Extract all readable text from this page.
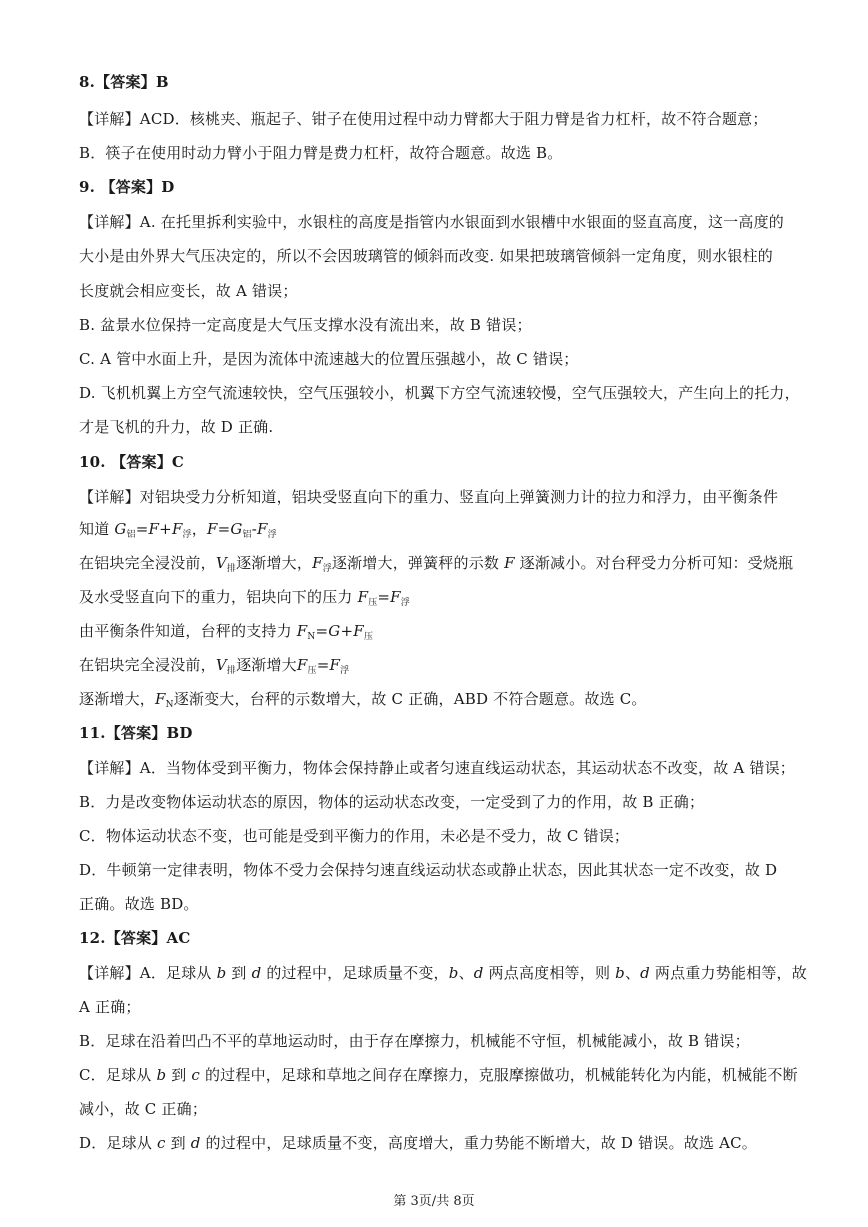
8.【答案】B
【详解】ACD．核桃夹、瓶起子、钳子在使用过程中动力臂都大于阻力臂是省力杠杆，故不符合题意；
B．筷子在使用时动力臂小于阻力臂是费力杠杆，故符合题意。故选 B。
9. 【答案】D
【详解】A. 在托里拆利实验中，水银柱的高度是指管内水银面到水银槽中水银面的竖直高度，这一高度的
大小是由外界大气压决定的，所以不会因玻璃管的倾斜而改变. 如果把玻璃管倾斜一定角度，则水银柱的
长度就会相应变长，故 A 错误；
B. 盆景水位保持一定高度是大气压支撑水没有流出来，故 B 错误；
C. A 管中水面上升，是因为流体中流速越大的位置压强越小，故 C 错误；
D. 飞机机翼上方空气流速较快，空气压强较小，机翼下方空气流速较慢，空气压强较大，产生向上的托力，
才是飞机的升力，故 D 正确.
10. 【答案】C
【详解】对铝块受力分析知道，铝块受竖直向下的重力、竖直向上弹簧测力计的拉力和浮力，由平衡条件
知道 $G_铝=F+F_浮$，$F=G_铝-F_浮$
在铝块完全浸没前，$V_排$逐渐增大，$F_浮$逐渐增大，弹簧秤的示数 F 逐渐减小。对台秤受力分析可知：受烧瓶
及水受竖直向下的重力，铝块向下的压力 $F_压=F_浮$
由平衡条件知道，台秤的支持力 $F_N=G+F_压$
在铝块完全浸没前，$V_排$逐渐增大$F_压=F_浮$
逐渐增大，$F_N$逐渐变大，台秤的示数增大，故 C 正确，ABD 不符合题意。故选 C。
11.【答案】BD
【详解】A．当物体受到平衡力，物体会保持静止或者匀速直线运动状态，其运动状态不改变，故 A 错误；
B．力是改变物体运动状态的原因，物体的运动状态改变，一定受到了力的作用，故 B 正确；
C．物体运动状态不变，也可能是受到平衡力的作用，未必是不受力，故 C 错误；
D．牛顿第一定律表明，物体不受力会保持匀速直线运动状态或静止状态，因此其状态一定不改变，故 D
正确。故选 BD。
12.【答案】AC
【详解】A．足球从 b 到 d 的过程中，足球质量不变，b、d 两点高度相等，则 b、d 两点重力势能相等，故
A 正确；
B．足球在沿着凹凸不平的草地运动时，由于存在摩擦力，机械能不守恒，机械能减小，故 B 错误；
C．足球从 b 到 c 的过程中，足球和草地之间存在摩擦力，克服摩擦做功，机械能转化为内能，机械能不断
减小，故 C 正确；
D．足球从 c 到 d 的过程中，足球质量不变，高度增大，重力势能不断增大，故 D 错误。故选 AC。
第 3页/共 8页
